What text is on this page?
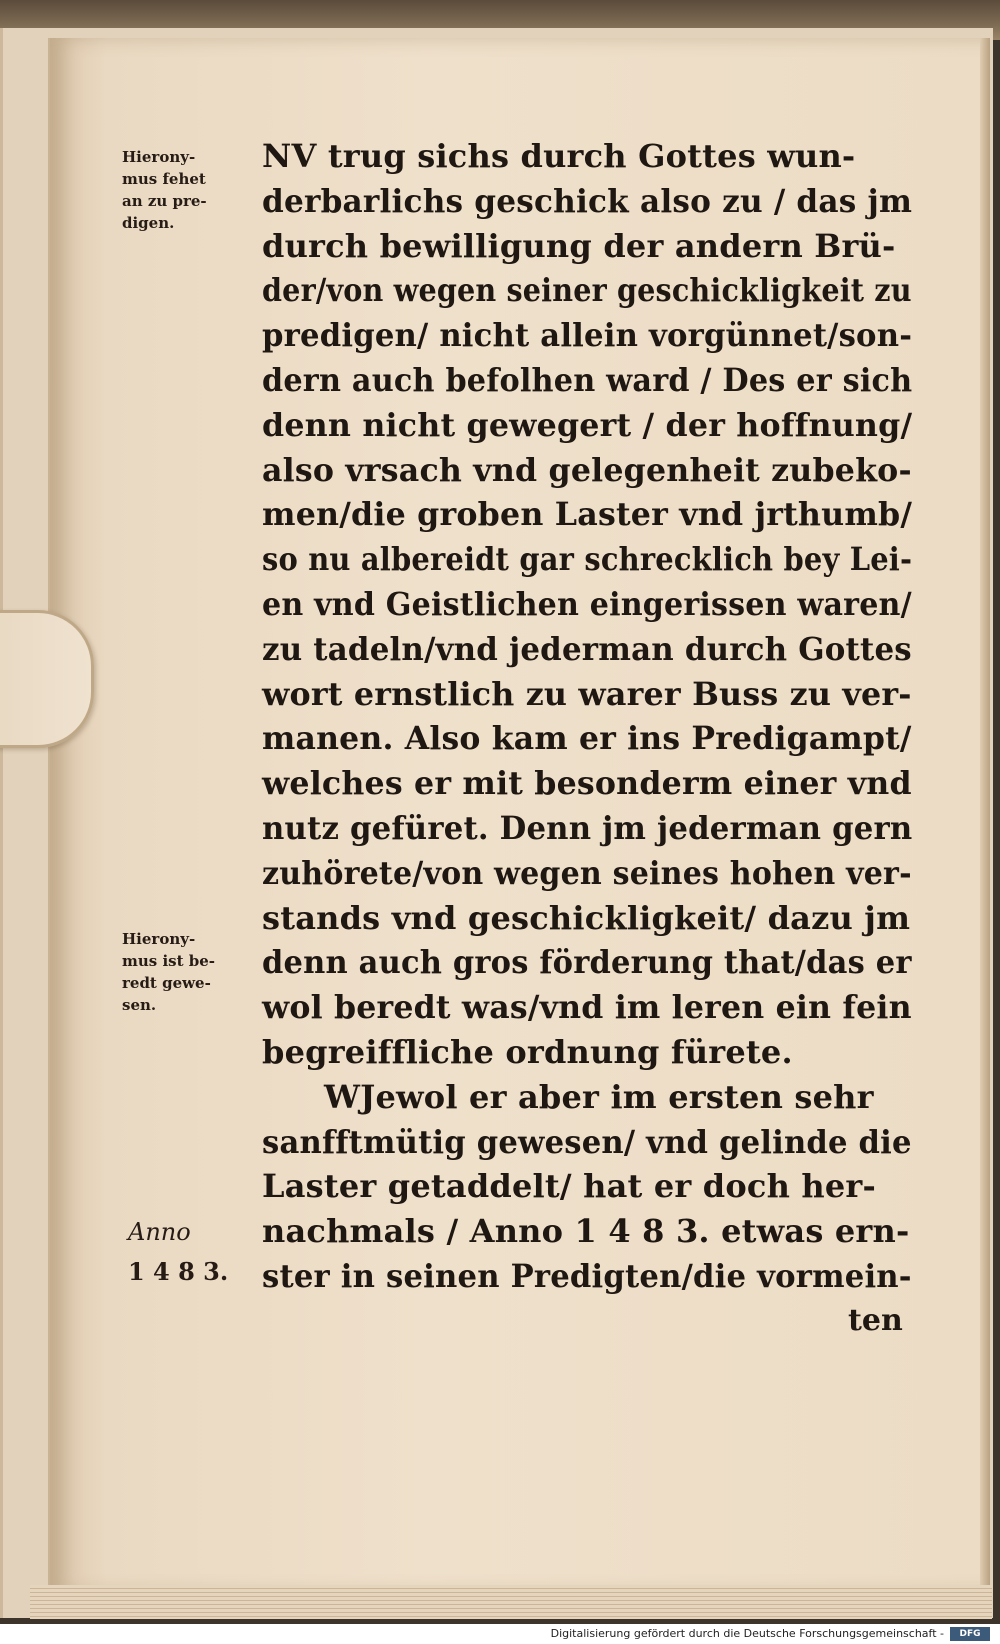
Hierony-
mus fehet
an zu pre-
digen.
Hierony-
mus ist be-
redt gewe-
sen.
Anno
1 4 8 3.
NV trug sichs durch Gottes wun-
derbarlichs geschick also zu / das jm
durch bewilligung der andern Brü-
der/von wegen seiner geschickligkeit zu
predigen/ nicht allein vorgünnet/son-
dern auch befolhen ward / Des er sich
denn nicht gewegert / der hoffnung/
also vrsach vnd gelegenheit zubeko-
men/die groben Laster vnd jrthumb/
so nu albereidt gar schrecklich bey Lei-
en vnd Geistlichen eingerissen waren/
zu tadeln/vnd jederman durch Gottes
wort ernstlich zu warer Buss zu ver-
manen. Also kam er ins Predigampt/
welches er mit besonderm einer vnd
nutz gefüret. Denn jm jederman gern
zuhörete/von wegen seines hohen ver-
stands vnd geschickligkeit/ dazu jm
denn auch gros förderung that/das er
wol beredt was/vnd im leren ein fein
begreiffliche ordnung fürete.
WJewol er aber im ersten sehr
sanfftmütig gewesen/ vnd gelinde die
Laster getaddelt/ hat er doch her-
nachmals / Anno 1 4 8 3. etwas ern-
ster in seinen Predigten/die vormein-
ten
Digitalisierung gefördert durch die Deutsche Forschungsgemeinschaft -	DFG
